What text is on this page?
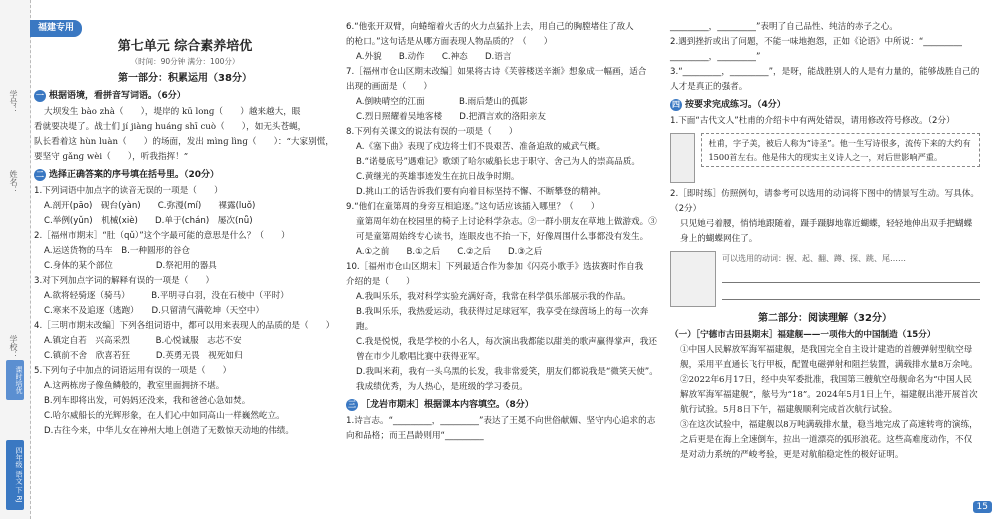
学号：
姓名：
学校：
四年级 语文 下 RJ
课时培优
福建专用
第七单元 综合素养培优
（时间：90分钟 满分：100分）
第一部分：积累运用（38分）
一 根据语境，看拼音写词语。（6分）
大坝发生 bào zhà（　　），堤岸的 kū lonɡ（　　）越来越大，眼
看就要决堤了。战士们 jí jiànɡ huánɡ shī cuò（　　），如无头苍蝇，
队长看着这 hùn luàn（　　）的场面，发出 mìnɡ lìnɡ（　　）：“大家别慌，
要坚守 ɡǎnɡ wèi（　　），听我指挥！”
二 选择正确答案的序号填在括号里。（20分）
1.下列词语中加点字的读音无误的一项是（　　）
A.剖开(pāo)　砚台(yàn)　　C.弥漫(mí)　　裸露(luǒ)
C.举例(yǔn)　机械(xiè)　　D.单于(chán)　屡次(nǚ)
2.［福州市期末］“肚（qǔ）”这个字最可能的意思是什么？（　　）
A.运送货物的马车　B.一种圆形的谷仓
C.身体的某个部位　　　　　D.祭祀用的器具
3.对下列加点字词的解释有误的一项是（　　）
A.欲将轻骑逐（骑马）　　　B.平明寻白羽，没在石棱中（平时）
C.寒来不及追逐（逃跑）　　D.只留清气满乾坤（天空中）
4.［三明市期末改编］下列各组词语中，都可以用来表现人的品质的是（　　）
A.镇定自若　兴高采烈　　　B.心悦诚服　志芯不安
C.镇前不舍　欣喜若狂　　　D.英勇无畏　视死如归
5.下列句子中加点的词语运用有误的一项是（　　）
A.这两栋房子像鱼鳞般的，教室里面拥挤不堪。
B.列车即将出发，可妈妈还没来，我和爸爸心急如焚。
C.哈尔威船长的光辉形象，在人们心中如同高山一样巍然屹立。
D.古往今来，中华儿女在神州大地上创造了无数惊天动地的伟绩。
6.“他张开双臂，向蜷缩着火舌的火力点猛扑上去，用自己的胸膛堵住了敌人
的枪口。”这句话是从哪方面表现人物品质的？（　　）
A.外貌　　B.动作　　C.神态　　D.语言
7.［福州市仓山区期末改编］如果将古诗《芙蓉楼送辛渐》想象成一幅画，适合
出现的画面是（　　）
A.倒映晴空的江面　　　　B.雨后楚山的孤影
C.烈日照耀着吴地客楼　　D.把酒言欢的洛阳亲友
8.下列有关课文的说法有误的一项是（　　）
A.《塞下曲》表现了戍边将士们不畏艰苦、准备追敌的威武气概。
B.“诺曼底号”遇难记》歌颂了哈尔威船长忠于职守、舍己为人的崇高品质。
C.黄继光的英雄事迹发生在抗日战争时期。
D.挑山工的话告诉我们要有向着目标坚持不懈、不断攀登的精神。
9.“他们在童第周的身旁互相追逐。”这句话应该插入哪里？（　　）
童第周年幼在校园里的椅子上讨论科学杂志。②一群小朋友在草地上做游戏。③可是童第周始终专心读书，连眼皮也不抬一下，好像周围什么事都没有发生。
A.①之前　　B.①之后　　C.②之后　　D.③之后
10.［福州市仓山区期末］下列最适合作为参加《闪亮小歌手》选拔赛时作自我
介绍的是（　　）
A.我叫乐乐，我对科学实验充满好奇，我常在科学俱乐部展示我的作品。
B.我叫乐乐，我热爱运动，我获得过足球冠军，我享受在绿茵场上的每一次奔跑。
C.我是悦悦，我是学校的小名人，每次演出我都能以甜美的歌声赢得掌声，我还曾在市少儿歌唱比赛中获得亚军。
D.我叫米莉，我有一头乌黑的长发，我非常爱笑，朋友们都说我是“微笑天使”。我成绩优秀，为人热心，是班级的学习委员。
三 ［龙岩市期末］根据课本内容填空。（8分）
1.诗言志。“_________，_________”表达了王冕不向世俗献媚、坚守内心追求的志向和品格；而王昌龄则用“_________
_________，_________”表明了自己品性、纯洁的赤子之心。
2.遇到挫折或出了问题，不能一味地抱怨，正如《论语》中所说：“_________
_________，_________”
3.“_________，_________”，是呀，能战胜别人的人是有力量的，能够战胜自己的人才是真正的强者。
四 按要求完成练习。（4分）
1.下面“古代文人”杜甫的介绍卡中有两处错误，请用修改符号修改。（2分）
杜甫，字子美，被后人称为“诗圣”。他一生写诗很多，流传下来的大约有1500首左右。他是伟大的现实主义诗人之一，对后世影响严重。
2.［即时练］仿照例句，请参考可以选用的动词将下图中的情景写生动。写具体。（2分）
只见她弓着腰，悄悄地跟随着，蹑手蹑脚地靠近蝴蝶，轻轻地伸出双手把蝴蝶身上的蝴蝶网住了。
可以选用的动词：握、起、翻、蹲、探、跳、尾……
第二部分：阅读理解（32分）
（一）［宁德市古田县期末］福建舰——一项伟大的中国制造（15分）
①中国人民解放军海军福建舰，是我国完全自主设计建造的首艘弹射型航空母舰，采用平直通长飞行甲板，配置电磁弹射和阻拦装置，满载排水量8万余吨。
②2022年6月17日，经中央军委批准，我国第三艘航空母舰命名为“中国人民解放军海军福建舰”，舷号为“18”。2024年5月1日上午，福建舰出港开展首次航行试验。5月8日下午，福建舰顺利完成首次航行试验。
③在这次试验中，福建舰以8万吨满载排水量，稳当地完成了高速转弯的演练，之后更是在海上全速倒车，拉出一道漂亮的弧形浪花。这些高难度动作，不仅是对动力系统的严峻考验，更是对航舶稳定性的极好证明。
15
